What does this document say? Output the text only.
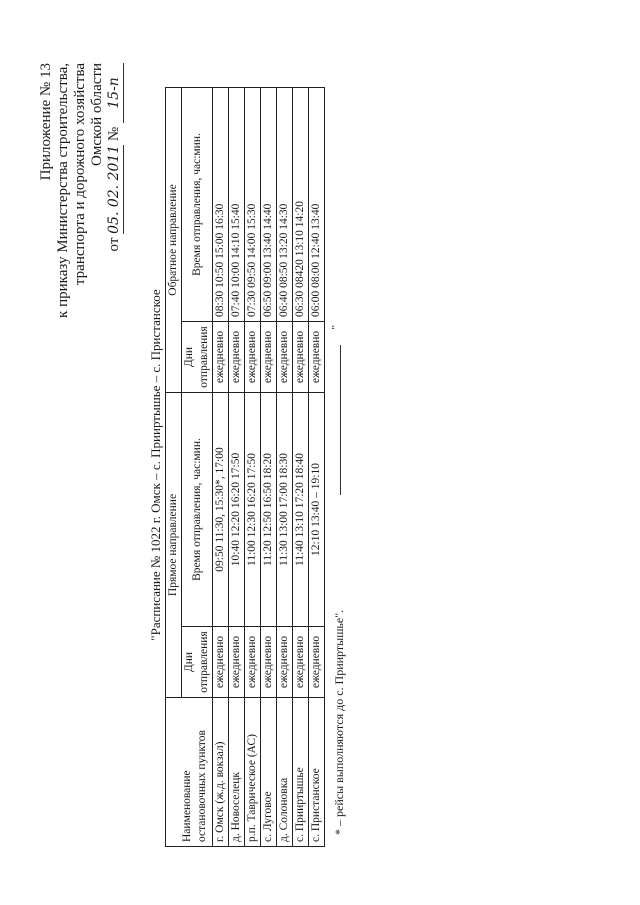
Приложение № 13 к приказу Министерства строительства, транспорта и дорожного хозяйства Омской области
от 05. 02. 2011 № 15-п
"Расписание № 1022 г. Омск – с. Прииртышье – с. Пристанское
Наименование остановочных пунктов	Прямое направление		Обратное направление	

	Дни отправления	Время отправления, час:мин.	Дни отправления	Время отправления, час:мин.
г. Омск (ж.д. вокзал)	ежедневно	09:50 11:30, 15:30*, 17:00	ежедневно	08:30 10:50 15:00 16:30
д. Новоселецк	ежедневно	10:40 12:20 16:20 17:50	ежедневно	07:40 10:00 14:10 15:40
р.п. Таврическое (АС)	ежедневно	11:00 12:30 16:20 17:50	ежедневно	07:30 09:50 14:00 15:30
с. Луговое	ежедневно	11:20 12:50 16:50 18:20	ежедневно	06:50 09:00 13:40 14:40
д. Солоновка	ежедневно	11:30 13:00 17:00 18:30	ежедневно	06:40 08:50 13:20 14:30
с. Прииртышье	ежедневно	11:40 13:10 17:20 18:40	ежедневно	06:30 08420 13:10 14:20
с. Пристанское	ежедневно	12:10 13:40 – 19:10	ежедневно	06:00 08:00 12:40 13:40
* – рейсы выполняются до с. Прииртышье".
"
